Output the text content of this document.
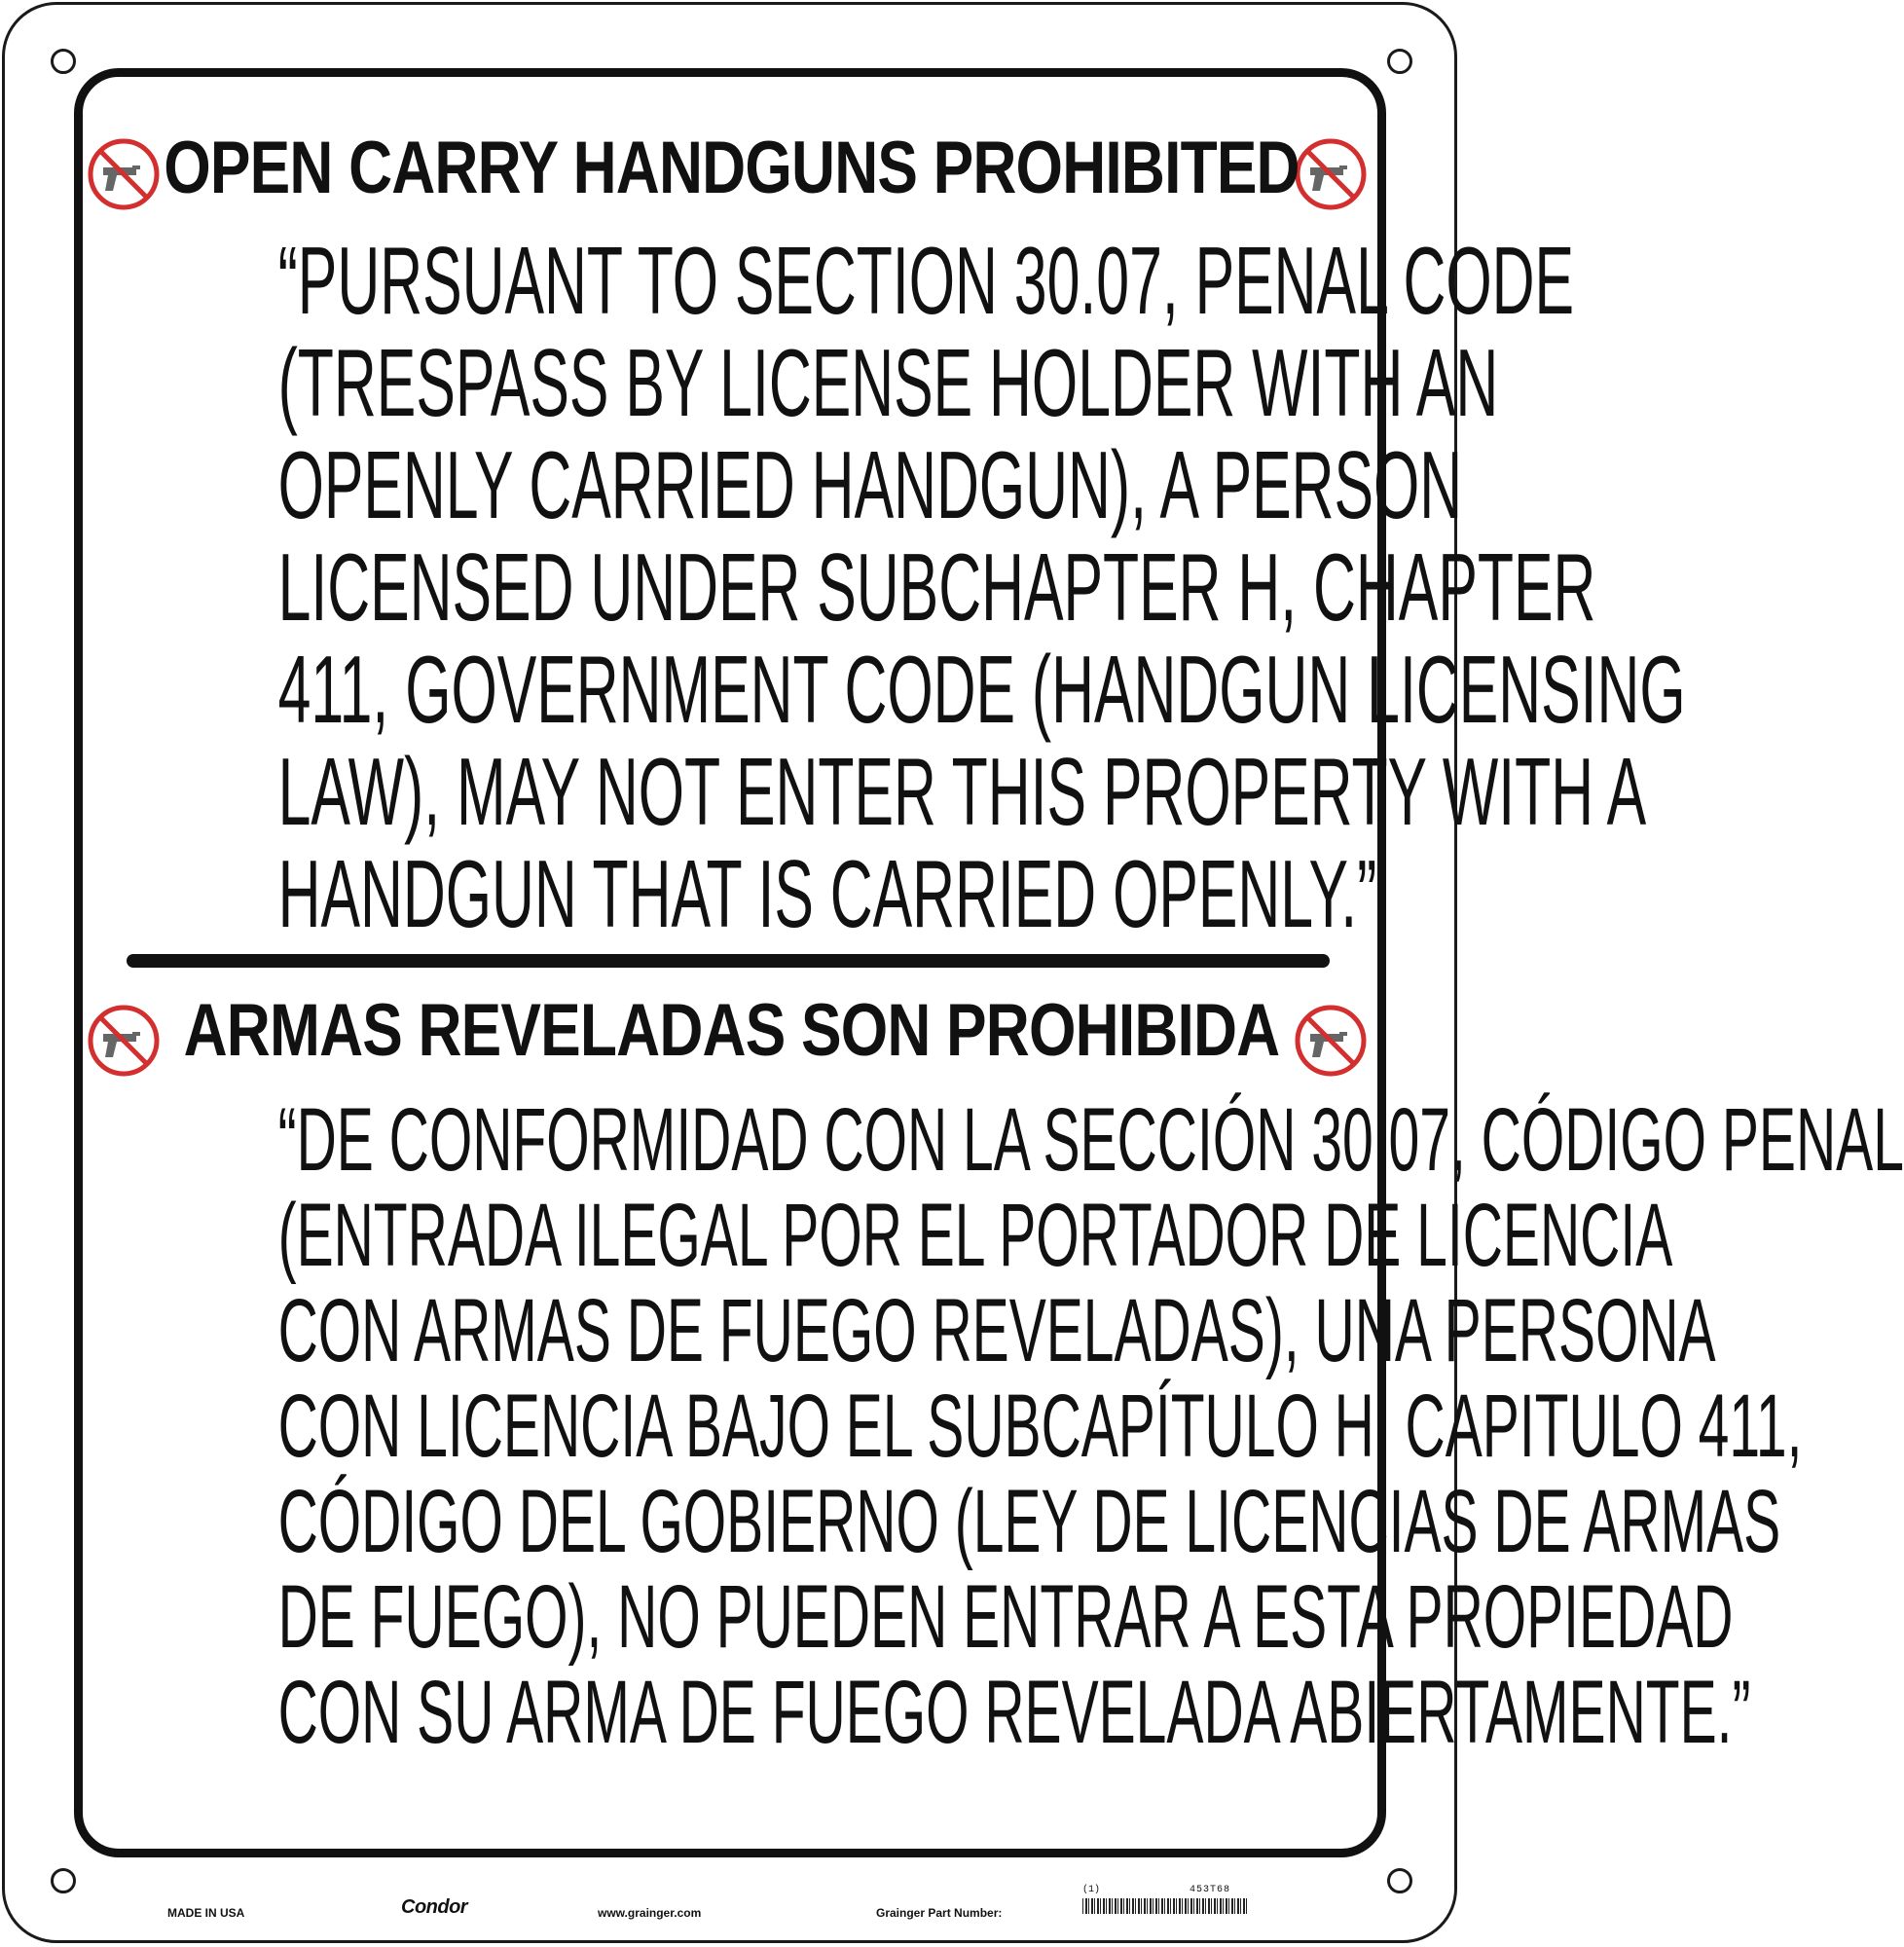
OPEN CARRY HANDGUNS PROHIBITED
“PURSUANT TO SECTION 30.07, PENAL CODE
(TRESPASS BY LICENSE HOLDER WITH AN
OPENLY CARRIED HANDGUN), A PERSON
LICENSED UNDER SUBCHAPTER H, CHAPTER
411, GOVERNMENT CODE (HANDGUN LICENSING
LAW), MAY NOT ENTER THIS PROPERTY WITH A
HANDGUN THAT IS CARRIED OPENLY.”
ARMAS REVELADAS SON PROHIBIDA
“DE CONFORMIDAD CON LA SECCIÓN 30.07, CÓDIGO PENAL
(ENTRADA ILEGAL POR EL PORTADOR DE LICENCIA
CON ARMAS DE FUEGO REVELADAS), UNA PERSONA
CON LICENCIA BAJO EL SUBCAPÍTULO H, CAPITULO 411,
CÓDIGO DEL GOBIERNO (LEY DE LICENCIAS DE ARMAS
DE FUEGO), NO PUEDEN ENTRAR A ESTA PROPIEDAD
CON SU ARMA DE FUEGO REVELADA ABIERTAMENTE.”
MADE IN USA	Condor	www.grainger.com	Grainger Part Number:
(1)	453T68
